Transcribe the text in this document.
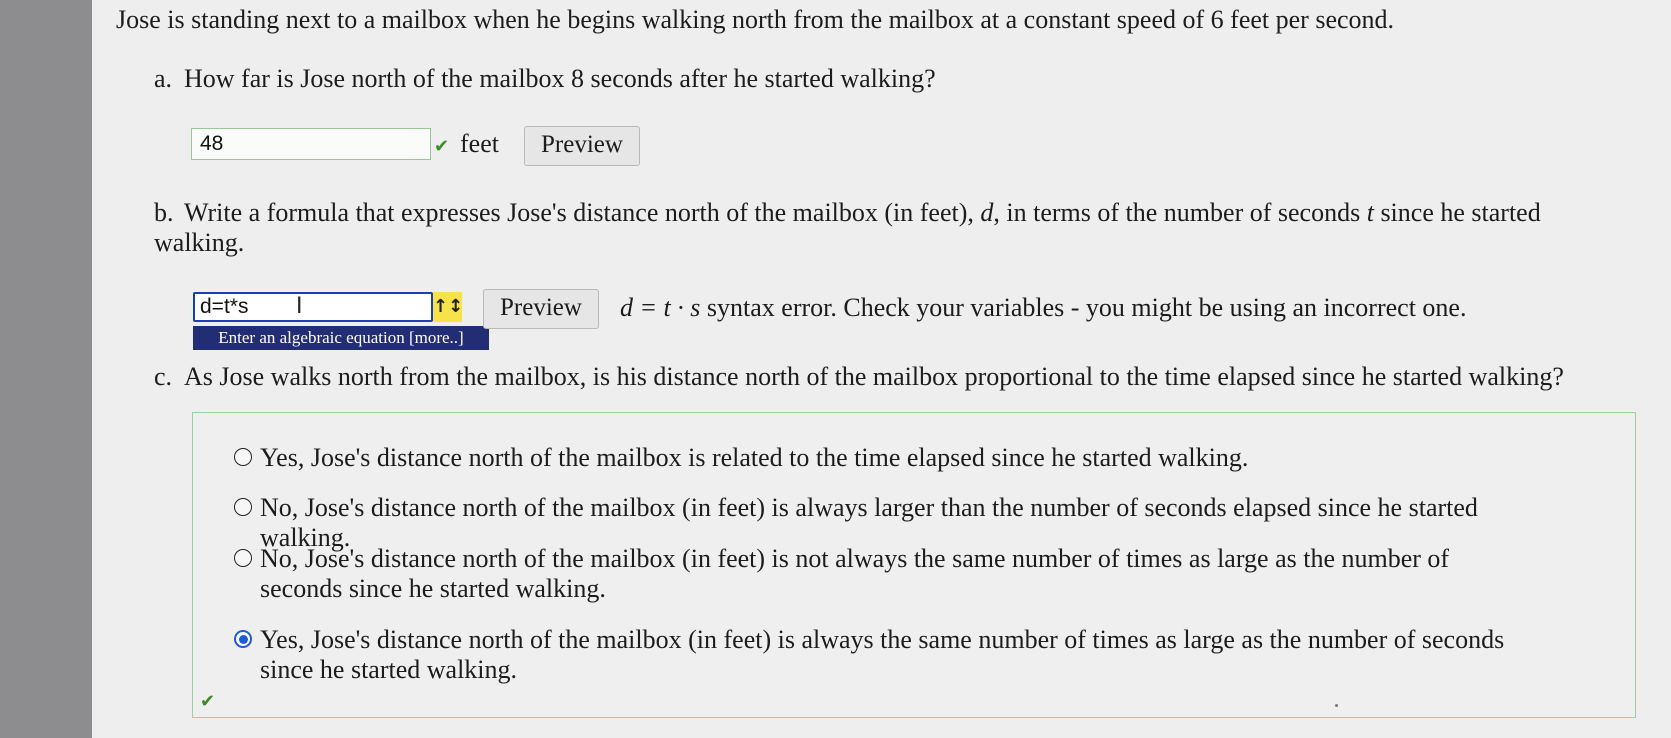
Jose is standing next to a mailbox when he begins walking north from the mailbox at a constant speed of 6 feet per second.
a. How far is Jose north of the mailbox 8 seconds after he started walking?
48	✔ feet	Preview
b. Write a formula that expresses Jose's distance north of the mailbox (in feet), d, in terms of the number of seconds t since he started walking.
d=t*s	I	↑↕
Enter an algebraic equation [more..]
Preview	d = t · s syntax error. Check your variables - you might be using an incorrect one.
c. As Jose walks north from the mailbox, is his distance north of the mailbox proportional to the time elapsed since he started walking?
Yes, Jose's distance north of the mailbox is related to the time elapsed since he started walking.
No, Jose's distance north of the mailbox (in feet) is always larger than the number of seconds elapsed since he started walking.
No, Jose's distance north of the mailbox (in feet) is not always the same number of times as large as the number of seconds since he started walking.
Yes, Jose's distance north of the mailbox (in feet) is always the same number of times as large as the number of seconds since he started walking.
✔
